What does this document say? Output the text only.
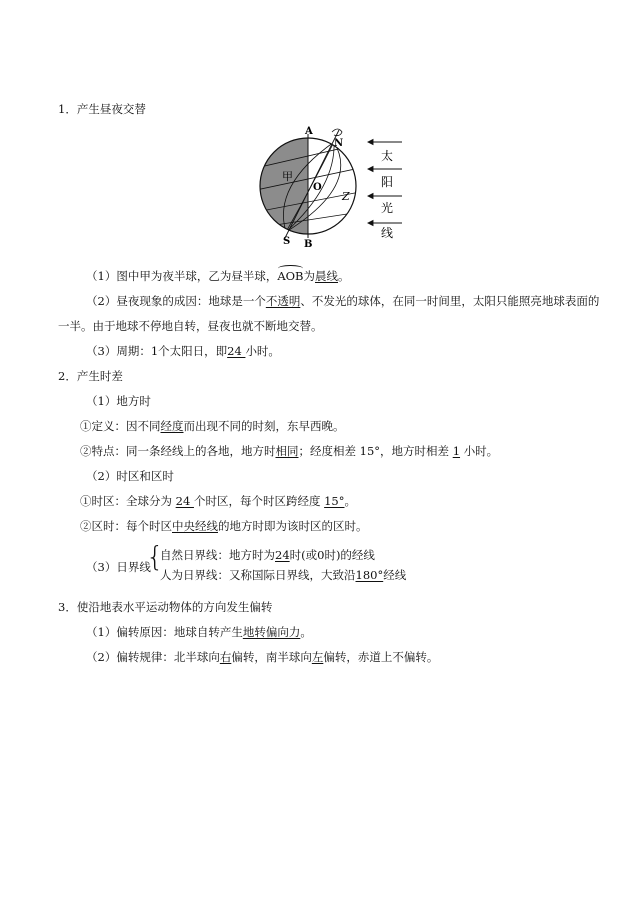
1．产生昼夜交替
A
N
O
甲
Z
S B
太
阳
光
线
（1）图中甲为夜半球，乙为昼半球，AOB为晨线。
（2）昼夜现象的成因：地球是一个不透明、不发光的球体，在同一时间里，太阳只能照亮地球表面的
一半。由于地球不停地自转，昼夜也就不断地交替。
（3）周期：1个太阳日，即24 小时。
2．产生时差
（1）地方时
①定义：因不同经度而出现不同的时刻，东早西晚。
②特点：同一条经线上的各地，地方时相同；经度相差 15°，地方时相差 1 小时。
（2）时区和区时
①时区：全球分为 24 个时区，每个时区跨经度 15°。
②区时：每个时区中央经线的地方时即为该时区的区时。
（3）日界线
{
自然日界线：地方时为24时(或0时)的经线
人为日界线：又称国际日界线，大致沿180°经线
3．使沿地表水平运动物体的方向发生偏转
（1）偏转原因：地球自转产生地转偏向力。
（2）偏转规律：北半球向右偏转，南半球向左偏转，赤道上不偏转。
